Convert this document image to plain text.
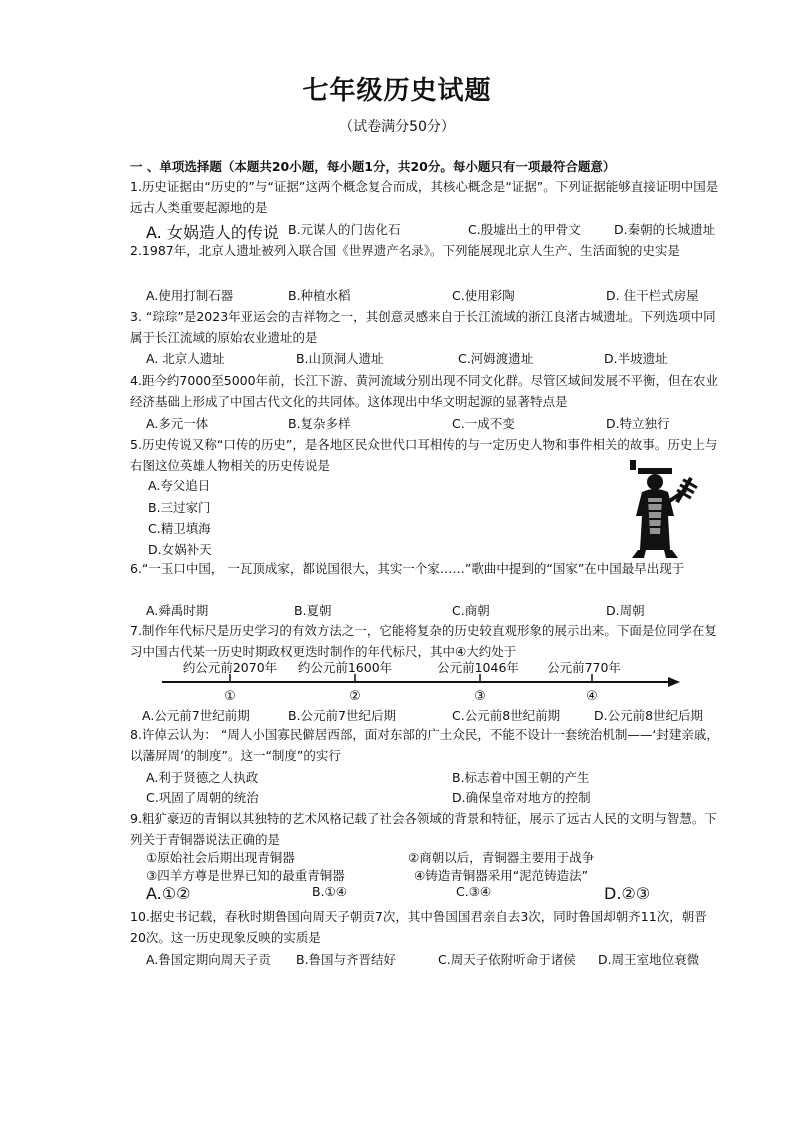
七年级历史试题
（试卷满分50分）
一 、单项选择题（本题共20小题，每小题1分，共20分。每小题只有一项最符合题意）
1.历史证据由“历史的”与“证据”这两个概念复合而成，其核心概念是“证据”。下列证据能够直接证明中国是远古人类重要起源地的是
A. 女娲造人的传说 B.元谋人的门齿化石	C.殷墟出土的甲骨文	D.秦朝的长城遗址
2.1987年，北京人遗址被列入联合国《世界遗产名录》。下列能展现北京人生产、生活面貌的史实是
A.使用打制石器	B.种植水稻	C.使用彩陶	D. 住干栏式房屋
3. “琮琮”是2023年亚运会的吉祥物之一，其创意灵感来自于长江流域的浙江良渚古城遗址。下列选项中同属于长江流域的原始农业遗址的是
A. 北京人遗址	B.山顶洞人遗址	C.河姆渡遗址	D.半坡遗址
4.距今约7000至5000年前，长江下游、黄河流域分别出现不同文化群。尽管区域间发展不平衡，但在农业经济基础上形成了中国古代文化的共同体。这体现出中华文明起源的显著特点是
A.多元一体	B.复杂多样	C.一成不变	D.特立独行
5.历史传说又称“口传的历史”，是各地区民众世代口耳相传的与一定历史人物和事件相关的故事。历史上与右图这位英雄人物相关的历史传说是
A.夸父追日
B.三过家门
C.精卫填海
D.女娲补天
6.“一玉口中国， 一瓦顶成家，都说国很大，其实一个家……”歌曲中提到的“国家”在中国最早出现于
A.舜禹时期	B.夏朝	C.商朝	D.周朝
7.制作年代标尺是历史学习的有效方法之一，它能将复杂的历史较直观形象的展示出来。下面是位同学在复习中国古代某一历史时期政权更迭时制作的年代标尺，其中④大约处于
约公元前2070年 约公元前1600年	公元前1046年 公元前770年
①	②	③	④
A.公元前7世纪前期	B.公元前7世纪后期	C.公元前8世纪前期	D.公元前8世纪后期
8.许倬云认为： “周人小国寡民僻居西部，面对东部的广土众民，不能不设计一套统治机制——‘封建亲戚，以藩屏周’的制度”。这一“制度”的实行
A.利于贤德之人执政	B.标志着中国王朝的产生
C.巩固了周朝的统治	D.确保皇帝对地方的控制
9.粗犷豪迈的青铜以其独特的艺术风格记载了社会各领域的背景和特征，展示了远古人民的文明与智慧。下列关于青铜器说法正确的是
①原始社会后期出现青铜器	②商朝以后，青铜器主要用于战争
③四羊方尊是世界已知的最重青铜器	④铸造青铜器采用“泥范铸造法”
A.①②	B.①④	C.③④	D.②③
10.据史书记载，春秋时期鲁国向周天子朝贡7次，其中鲁国国君亲自去3次，同时鲁国却朝齐11次，朝晋20次。这一历史现象反映的实质是
A.鲁国定期向周天子贡 B.鲁国与齐晋结好	C.周天子依附听命于诸侯 D.周王室地位衰微
